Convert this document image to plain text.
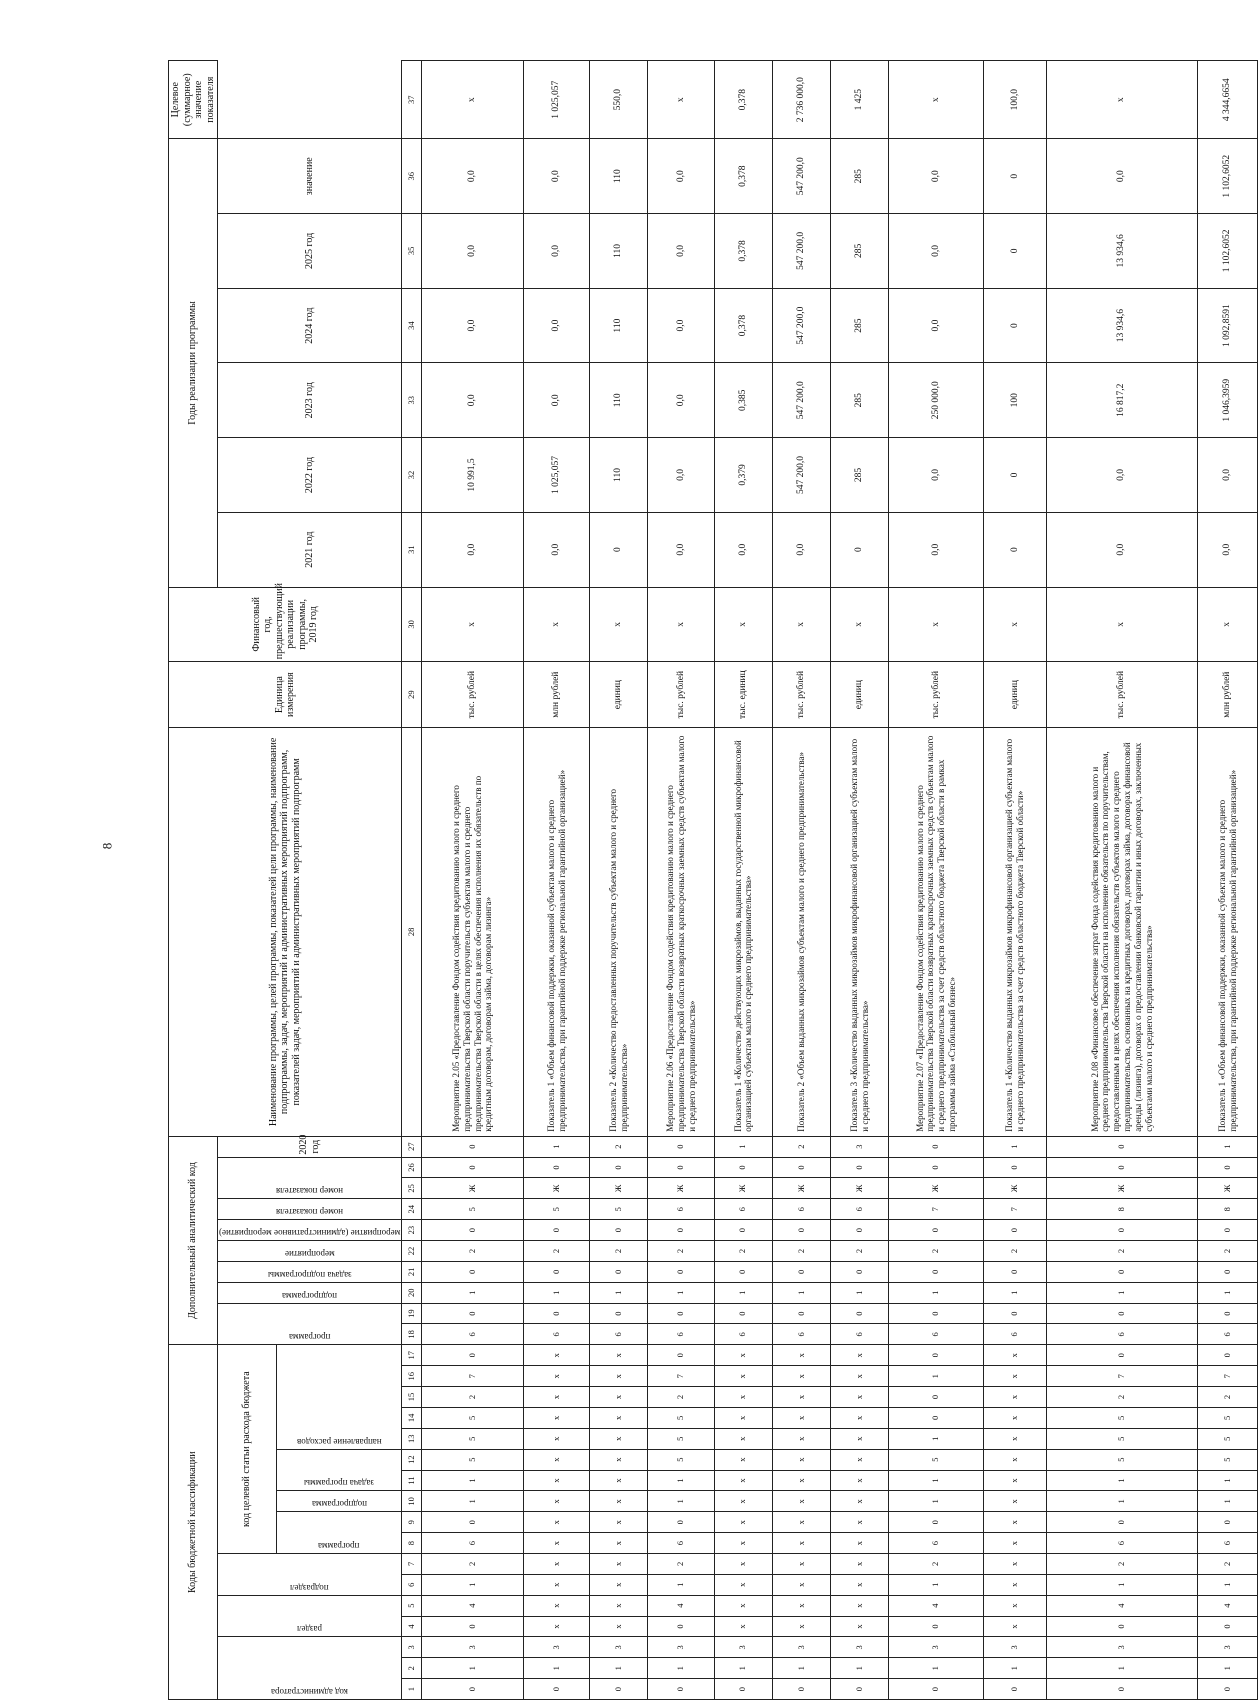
8
Коды бюджетной классификации																	Дополнительный аналитический код										Наименование программы, целей программы, показателей цели программы, наименование подпрограммы, задач, мероприятий и административных мероприятий подпрограмм, показателей задач, мероприятий и административных мероприятий подпрограмм	Единица измерения	Финансовый год, предшествующий реализации программы, 2019 год	Годы реализации программы						Целевое (суммарное) значение показателя

код администратора			раздел		подраздел		код целевой статьи расхода бюджета										программа		подпрограмма	задача подпрограммы	мероприятие	мероприятие (административное мероприятие)	номер показателя	номер показателя		2020 год				2021 год	2022 год	2023 год	2024 год	2025 год	значение	

							программа		подпрограмма	задача программы		направление расходов																								

1	2	3	4	5	6	7	8	9	10	11	12	13	14	15	16	17	18	19	20	21	22	23	24	25	26	27	28	29	30	31	32	33	34	35	36	37
0	1	3	0	4	1	2	6	0	1	1	5	5	5	2	7	0	6	0	1	0	2	0	5	Ж	0	0	Мероприятие 2.05 «Предоставление Фондом содействия кредитованию малого и среднего предпринимательства Тверской области поручительств субъектам малого и среднего предпринимательства Тверской области в целях обеспечения исполнения их обязательств по кредитным договорам, договорам займа, договорам лизинга»	тыс. рублей	х	0,0	10 991,5	0,0	0,0	0,0	0,0	х
0	1	3	х	х	х	х	х	х	х	х	х	х	х	х	х	х	6	0	1	0	2	0	5	Ж	0	1	Показатель 1 «Объем финансовой поддержки, оказанной субъектам малого и среднего предпринимательства, при гарантийной поддержке региональной гарантийной организацией»	млн рублей	х	0,0	1 025,057	0,0	0,0	0,0	0,0	1 025,057
0	1	3	х	х	х	х	х	х	х	х	х	х	х	х	х	х	6	0	1	0	2	0	5	Ж	0	2	Показатель 2 «Количество предоставленных поручительств субъектам малого и среднего предпринимательства»	единиц	х	0	110	110	110	110	110	550,0
0	1	3	0	4	1	2	6	0	1	1	5	5	5	2	7	0	6	0	1	0	2	0	6	Ж	0	0	Мероприятие 2.06 «Предоставление Фондом содействия кредитованию малого и среднего предпринимательства Тверской области возвратных краткосрочных заемных средств субъектам малого и среднего предпринимательства»	тыс. рублей	х	0,0	0,0	0,0	0,0	0,0	0,0	х
0	1	3	х	х	х	х	х	х	х	х	х	х	х	х	х	х	6	0	1	0	2	0	6	Ж	0	1	Показатель 1 «Количество действующих микрозаймов, выданных государственной микрофинансовой организацией субъектам малого и среднего предпринимательства»	тыс. единиц	х	0,0	0,379	0,385	0,378	0,378	0,378	0,378
0	1	3	х	х	х	х	х	х	х	х	х	х	х	х	х	х	6	0	1	0	2	0	6	Ж	0	2	Показатель 2 «Объем выданных микрозаймов субъектам малого и среднего предпринимательства»	тыс. рублей	х	0,0	547 200,0	547 200,0	547 200,0	547 200,0	547 200,0	2 736 000,0
0	1	3	х	х	х	х	х	х	х	х	х	х	х	х	х	х	6	0	1	0	2	0	6	Ж	0	3	Показатель 3 «Количество выданных микрозаймов микрофинансовой организацией субъектам малого и среднего предпринимательства»	единиц	х	0	285	285	285	285	285	1 425
0	1	3	0	4	1	2	6	0	1	1	5	1	0	0	1	0	6	0	1	0	2	0	7	Ж	0	0	Мероприятие 2.07 «Предоставление Фондом содействия кредитованию малого и среднего предпринимательства Тверской области возвратных краткосрочных заемных средств субъектам малого и среднего предпринимательства за счет средств областного бюджета Тверской области в рамках программы займа «Стабильный бизнес»	тыс. рублей	х	0,0	0,0	250 000,0	0,0	0,0	0,0	х
0	1	3	х	х	х	х	х	х	х	х	х	х	х	х	х	х	6	0	1	0	2	0	7	Ж	0	1	Показатель 1 «Количество выданных микрозаймов микрофинансовой организацией субъектам малого и среднего предпринимательства за счет средств областного бюджета Тверской области»	единиц	х	0	0	100	0	0	0	100,0
0	1	3	0	4	1	2	6	0	1	1	5	5	5	2	7	0	6	0	1	0	2	0	8	Ж	0	0	Мероприятие 2.08 «Финансовое обеспечение затрат Фонда содействия кредитованию малого и среднего предпринимательства Тверской области на исполнение обязательств по поручительствам, предоставленным в целях обеспечения исполнения обязательств субъектов малого и среднего предпринимательства, основанных на кредитных договорах, договорах займа, договорах финансовой аренды (лизинга), договорах о предоставлении банковской гарантии и иных договорах, заключенных субъектами малого и среднего предпринимательства»	тыс. рублей	х	0,0	0,0	16 817,2	13 934,6	13 934,6	0,0	х
0	1	3	0	4	1	2	6	0	1	1	5	5	5	2	7	0	6	0	1	0	2	0	8	Ж	0	1	Показатель 1 «Объем финансовой поддержки, оказанной субъектам малого и среднего предпринимательства, при гарантийной поддержке региональной гарантийной организацией»	млн рублей	х	0,0	0,0	1 046,3959	1 092,8591	1 102,6052	1 102,6052	4 344,6654
